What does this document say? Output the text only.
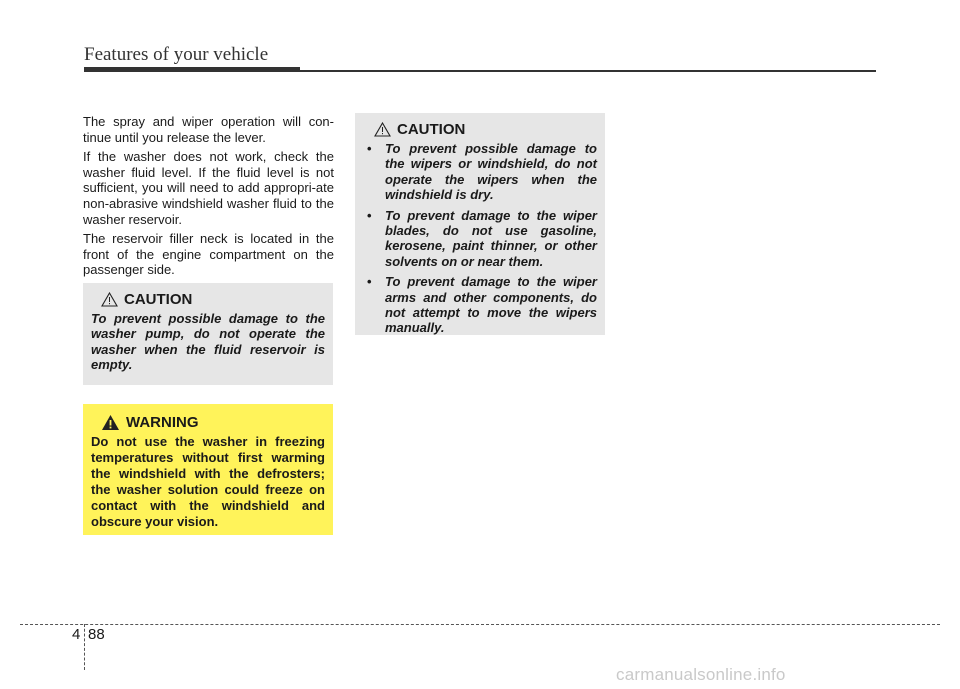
Features of your vehicle

The spray and wiper operation will con-tinue until you release the lever.

If the washer does not work, check the washer fluid level. If the fluid level is not sufficient, you will need to add appropri-ate non-abrasive windshield washer fluid to the washer reservoir.

The reservoir filler neck is located in the front of the engine compartment on the passenger side.

CAUTION
To prevent possible damage to the washer pump, do not operate the washer when the fluid reservoir is empty.
WARNING
Do not use the washer in freezing temperatures without first warming the windshield with the defrosters; the washer solution could freeze on contact with the windshield and obscure your vision.
CAUTION
• To prevent possible damage to the wipers or windshield, do not operate the wipers when the windshield is dry.
• To prevent damage to the wiper blades, do not use gasoline, kerosene, paint thinner, or other solvents on or near them.
• To prevent damage to the wiper arms and other components, do not attempt to move the wipers manually.
4 88
carmanualsonline.info
